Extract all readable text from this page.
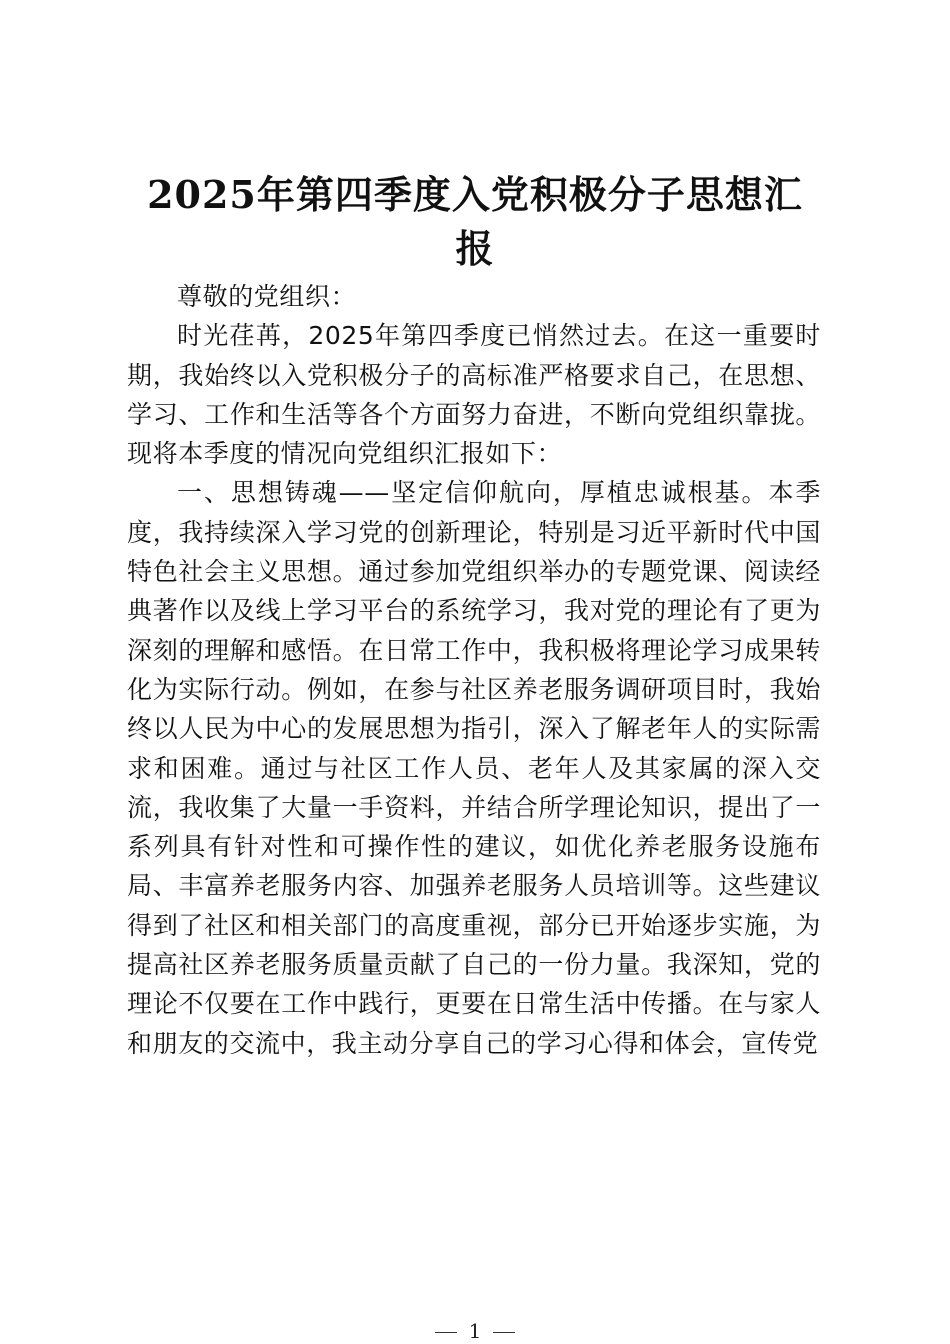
2025年第四季度入党积极分子思想汇报

尊敬的党组织：

时光荏苒，2025年第四季度已悄然过去。在这一重要时期，我始终以入党积极分子的高标准严格要求自己，在思想、学习、工作和生活等各个方面努力奋进，不断向党组织靠拢。现将本季度的情况向党组织汇报如下：

一、思想铸魂——坚定信仰航向，厚植忠诚根基。本季度，我持续深入学习党的创新理论，特别是习近平新时代中国特色社会主义思想。通过参加党组织举办的专题党课、阅读经典著作以及线上学习平台的系统学习，我对党的理论有了更为深刻的理解和感悟。在日常工作中，我积极将理论学习成果转化为实际行动。例如，在参与社区养老服务调研项目时，我始终以人民为中心的发展思想为指引，深入了解老年人的实际需求和困难。通过与社区工作人员、老年人及其家属的深入交流，我收集了大量一手资料，并结合所学理论知识，提出了一系列具有针对性和可操作性的建议，如优化养老服务设施布局、丰富养老服务内容、加强养老服务人员培训等。这些建议得到了社区和相关部门的高度重视，部分已开始逐步实施，为提高社区养老服务质量贡献了自己的一份力量。我深知，党的理论不仅要在工作中践行，更要在日常生活中传播。在与家人和朋友的交流中，我主动分享自己的学习心得和体会，宣传党

1
